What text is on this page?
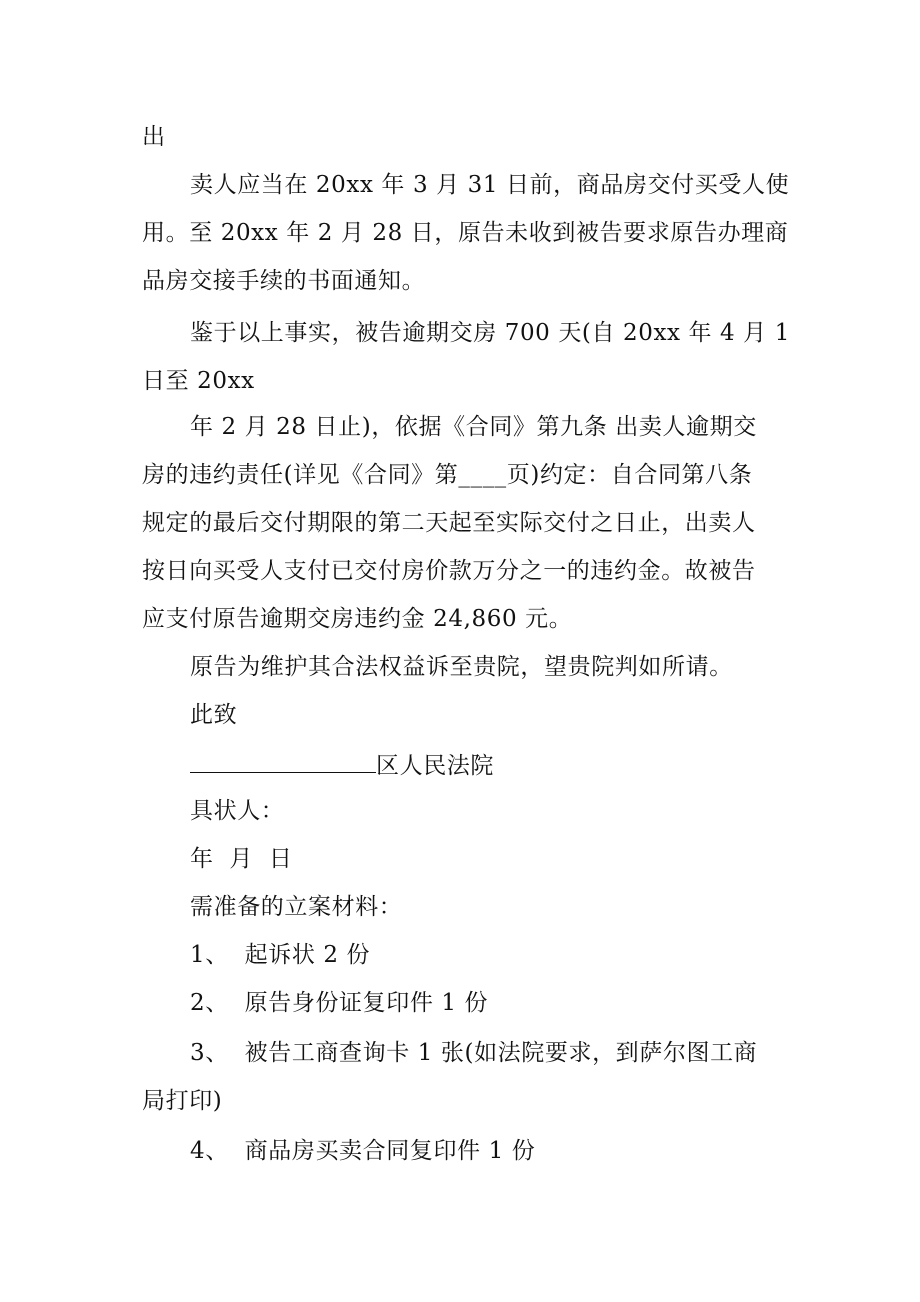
出
卖人应当在 20xx 年 3 月 31 日前，商品房交付买受人使
用。至 20xx 年 2 月 28 日，原告未收到被告要求原告办理商
品房交接手续的书面通知。
鉴于以上事实，被告逾期交房 700 天(自 20xx 年 4 月 1
日至 20xx
年 2 月 28 日止)，依据《合同》第九条 出卖人逾期交
房的违约责任(详见《合同》第____页)约定：自合同第八条
规定的最后交付期限的第二天起至实际交付之日止，出卖人
按日向买受人支付已交付房价款万分之一的违约金。故被告
应支付原告逾期交房违约金 24,860 元。
原告为维护其合法权益诉至贵院，望贵院判如所请。
此致
区人民法院
具状人：
年  月  日
需准备的立案材料：
1、  起诉状 2 份
2、  原告身份证复印件 1 份
3、  被告工商查询卡 1 张(如法院要求，到萨尔图工商
局打印)
4、  商品房买卖合同复印件 1 份
